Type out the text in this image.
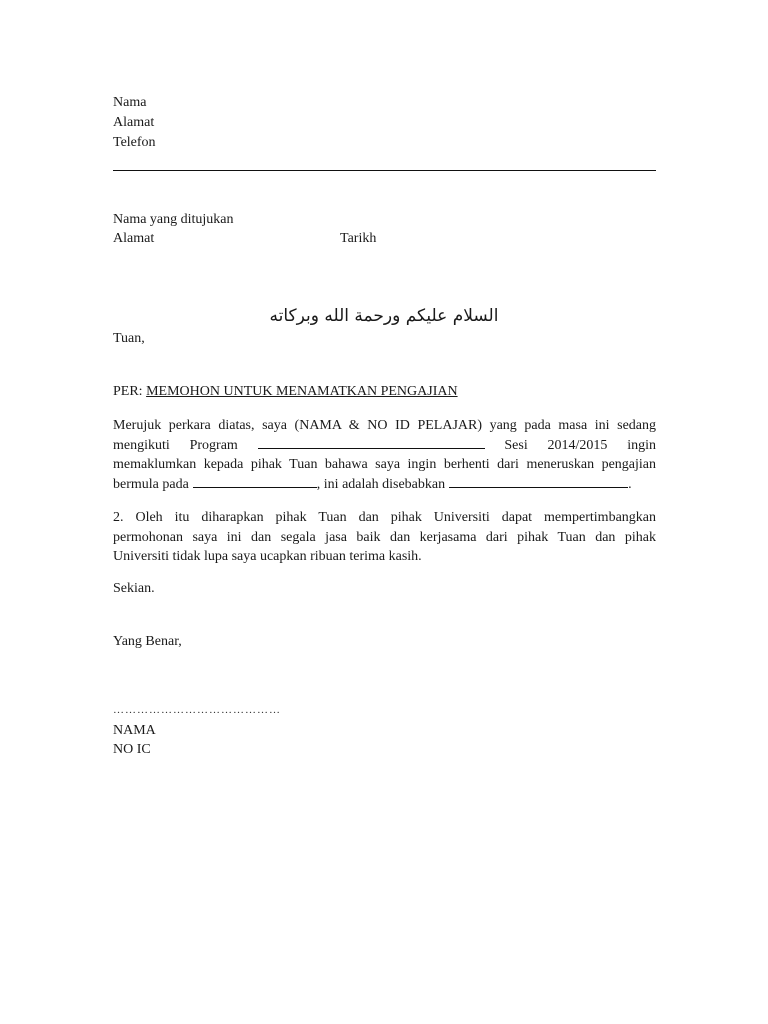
Nama
Alamat
Telefon
Nama yang ditujukan
Alamat	Tarikh
السلام عليكم ورحمة الله وبركاته
Tuan,
PER: MEMOHON UNTUK MENAMATKAN PENGAJIAN
Merujuk perkara diatas, saya (NAMA & NO ID PELAJAR) yang pada masa ini sedang
mengikuti Program	Sesi 2014/2015 ingin
memaklumkan kepada pihak Tuan bahawa saya ingin berhenti dari meneruskan pengajian
bermula pada	, ini adalah disebabkan	.
2. Oleh itu diharapkan pihak Tuan dan pihak Universiti dapat mempertimbangkan
permohonan saya ini dan segala jasa baik dan kerjasama dari pihak Tuan dan pihak
Universiti tidak lupa saya ucapkan ribuan terima kasih.
Sekian.
Yang Benar,
……………………………………
NAMA
NO IC
